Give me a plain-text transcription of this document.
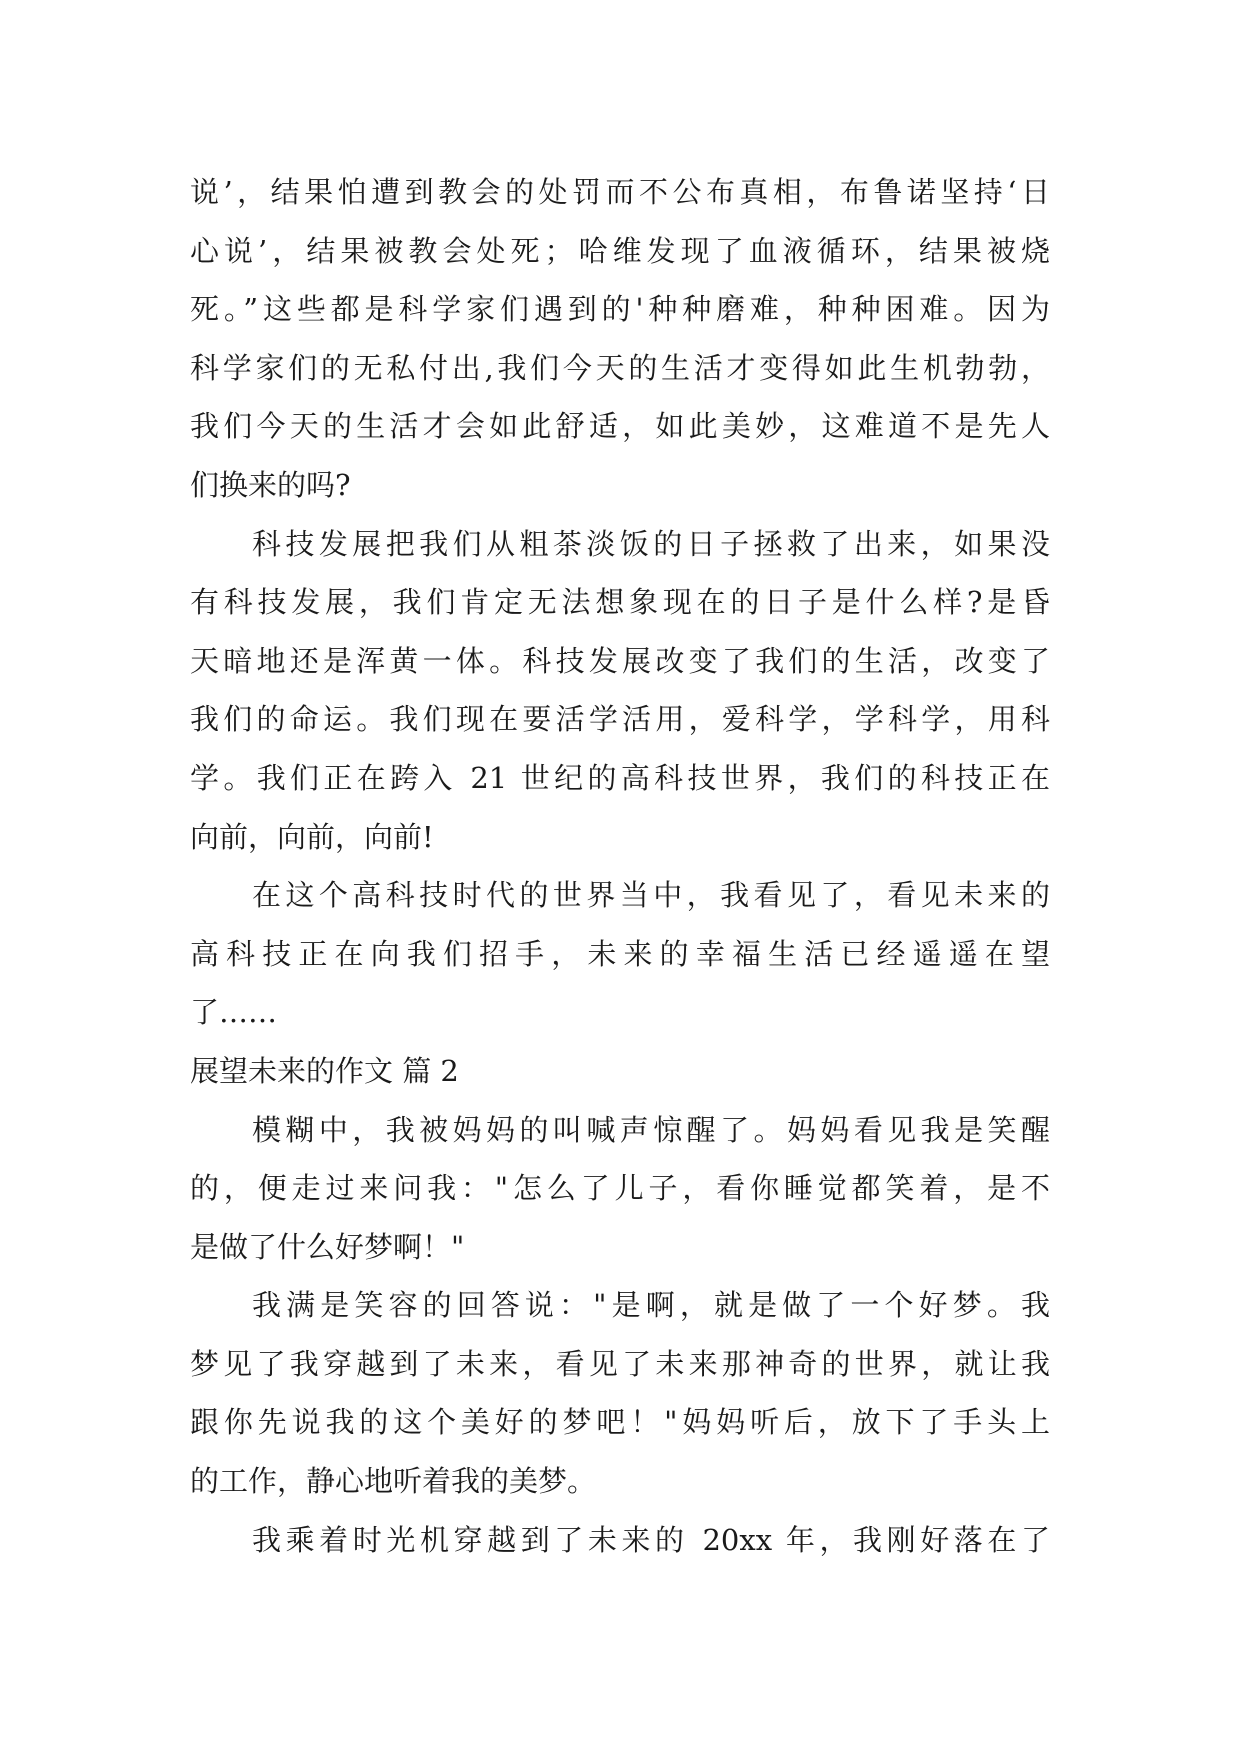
说’，结果怕遭到教会的处罚而不公布真相，布鲁诺坚持‘日
心说’，结果被教会处死；哈维发现了血液循环，结果被烧
死。”这些都是科学家们遇到的'种种磨难，种种困难。因为
科学家们的无私付出,我们今天的生活才变得如此生机勃勃，
我们今天的生活才会如此舒适，如此美妙，这难道不是先人
们换来的吗?
科技发展把我们从粗茶淡饭的日子拯救了出来，如果没
有科技发展，我们肯定无法想象现在的日子是什么样?是昏
天暗地还是浑黄一体。科技发展改变了我们的生活，改变了
我们的命运。我们现在要活学活用，爱科学，学科学，用科
学。我们正在跨入 21 世纪的高科技世界，我们的科技正在
向前，向前，向前!
在这个高科技时代的世界当中，我看见了，看见未来的
高科技正在向我们招手，未来的幸福生活已经遥遥在望
了……
展望未来的作文 篇 2
模糊中，我被妈妈的叫喊声惊醒了。妈妈看见我是笑醒
的，便走过来问我："怎么了儿子，看你睡觉都笑着，是不
是做了什么好梦啊！"
我满是笑容的回答说："是啊，就是做了一个好梦。我
梦见了我穿越到了未来，看见了未来那神奇的世界，就让我
跟你先说我的这个美好的梦吧！"妈妈听后，放下了手头上
的工作，静心地听着我的美梦。
我乘着时光机穿越到了未来的 20xx 年，我刚好落在了
